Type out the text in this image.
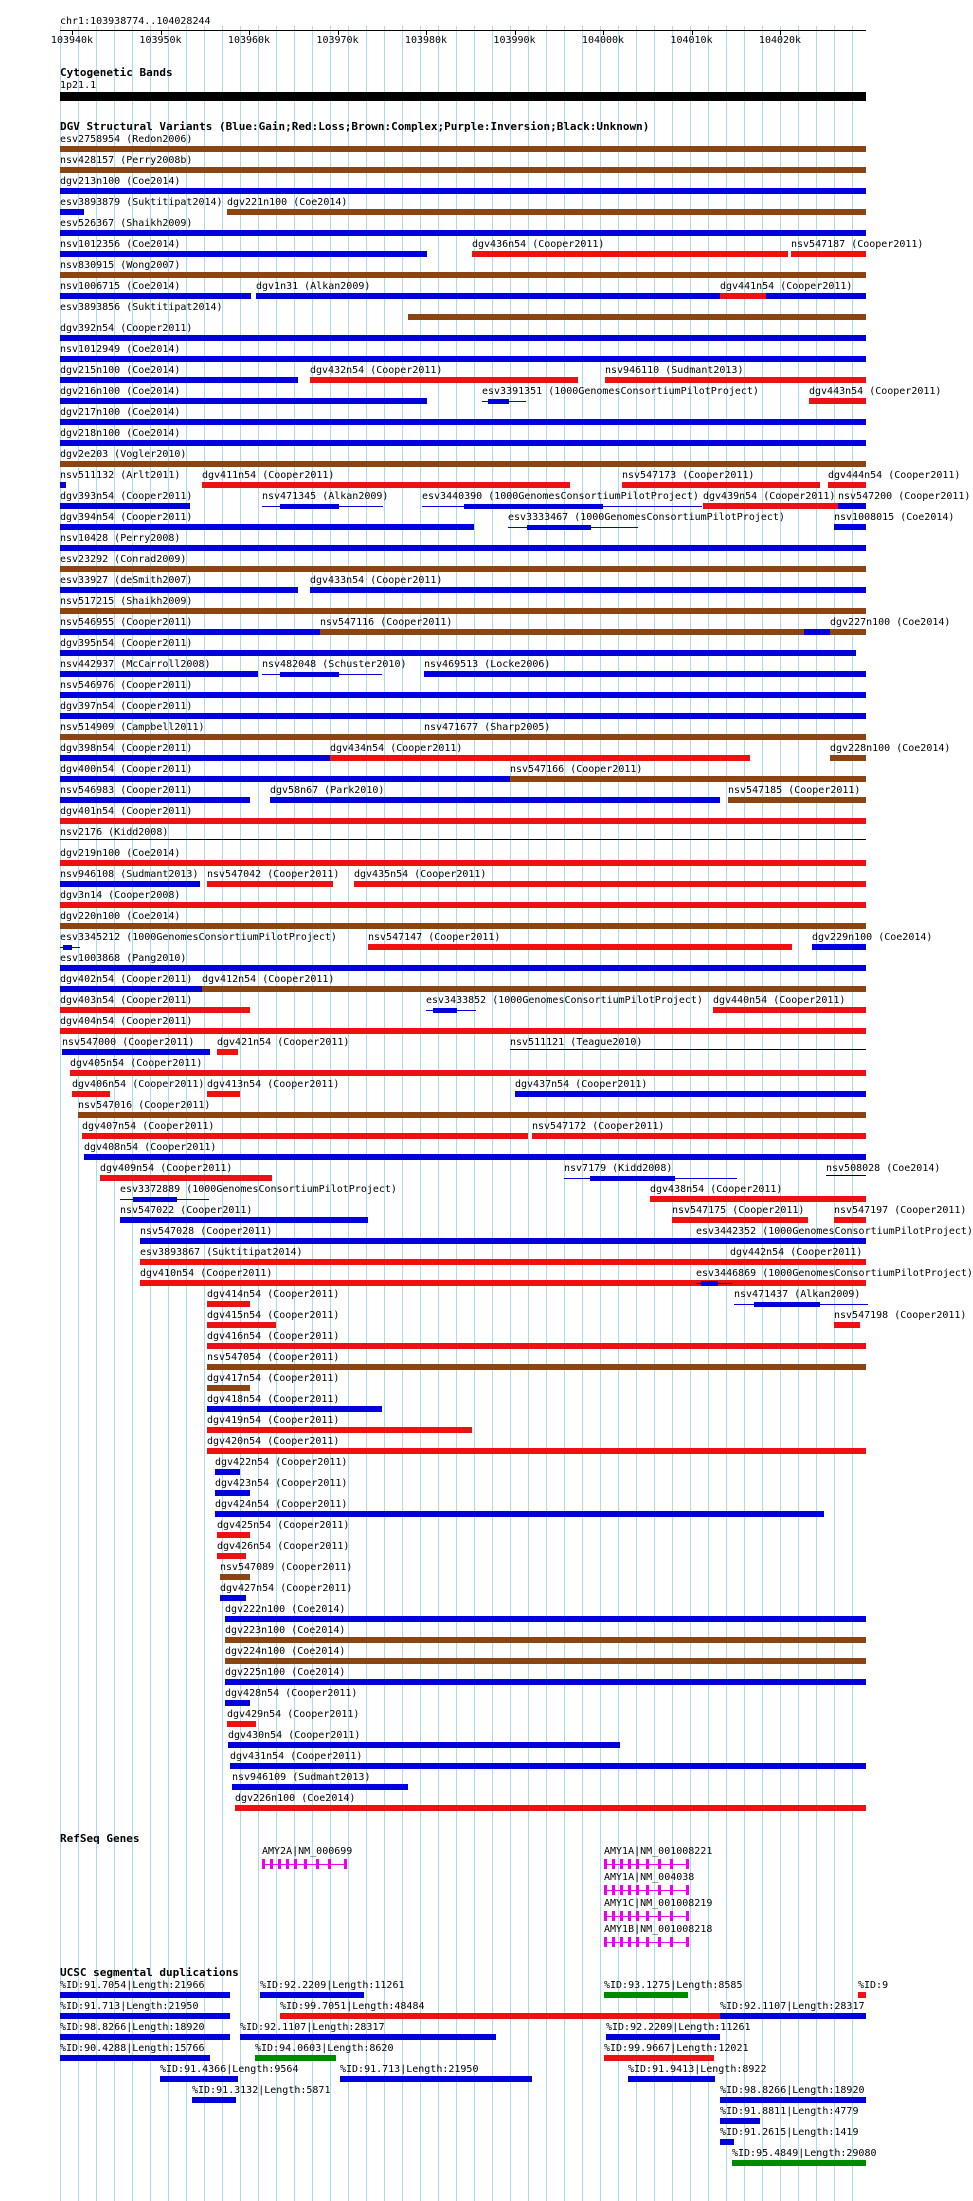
chr1:103938774..104028244
103940k	103950k	103960k	103970k	103980k	103990k	104000k	104010k	104020k
Cytogenetic Bands
1p21.1
DGV Structural Variants (Blue:Gain;Red:Loss;Brown:Complex;Purple:Inversion;Black:Unknown)
esv2758954 (Redon2006)
nsv428157 (Perry2008b)
dgv213n100 (Coe2014)
esv3893879 (Suktitipat2014) dgv221n100 (Coe2014)
esv526367 (Shaikh2009)
nsv1012356 (Coe2014)	dgv436n54 (Cooper2011)	nsv547187 (Cooper2011)
nsv830915 (Wong2007)
nsv1006715 (Coe2014)	dgv1n31 (Alkan2009)	dgv441n54 (Cooper2011)
esv3893856 (Suktitipat2014)
dgv392n54 (Cooper2011)
nsv1012949 (Coe2014)
dgv215n100 (Coe2014)	dgv432n54 (Cooper2011)	nsv946110 (Sudmant2013)
dgv216n100 (Coe2014)	esv3391351 (1000GenomesConsortiumPilotProject)	dgv443n54 (Cooper2011)
dgv217n100 (Coe2014)
dgv218n100 (Coe2014)
dgv2e203 (Vogler2010)
nsv511132 (Arlt2011) dgv411n54 (Cooper2011)	nsv547173 (Cooper2011)	dgv444n54 (Cooper2011)
dgv393n54 (Cooper2011)	nsv471345 (Alkan2009)	esv3440390 (1000GenomesConsortiumPilotProject) dgv439n54 (Cooper2011) nsv547200 (Cooper2011)
dgv394n54 (Cooper2011)	esv3333467 (1000GenomesConsortiumPilotProject)	nsv1008015 (Coe2014)
nsv10428 (Perry2008)
esv23292 (Conrad2009)
esv33927 (deSmith2007)	dgv433n54 (Cooper2011)
nsv517215 (Shaikh2009)
nsv546955 (Cooper2011)	nsv547116 (Cooper2011)	dgv227n100 (Coe2014)
dgv395n54 (Cooper2011)
nsv442937 (McCarroll2008)	nsv482048 (Schuster2010) nsv469513 (Locke2006)
nsv546976 (Cooper2011)
dgv397n54 (Cooper2011)
nsv514909 (Campbell2011)	nsv471677 (Sharp2005)
dgv398n54 (Cooper2011)	dgv434n54 (Cooper2011)	dgv228n100 (Coe2014)
dgv400n54 (Cooper2011)	nsv547166 (Cooper2011)
nsv546983 (Cooper2011)	dgv58n67 (Park2010)	nsv547185 (Cooper2011)
dgv401n54 (Cooper2011)
nsv2176 (Kidd2008)
dgv219n100 (Coe2014)
nsv946108 (Sudmant2013) nsv547042 (Cooper2011) dgv435n54 (Cooper2011)
dgv3n14 (Cooper2008)
dgv220n100 (Coe2014)
esv3345212 (1000GenomesConsortiumPilotProject)	nsv547147 (Cooper2011)	dgv229n100 (Coe2014)
esv1003868 (Pang2010)
dgv402n54 (Cooper2011) dgv412n54 (Cooper2011)
dgv403n54 (Cooper2011)	esv3433852 (1000GenomesConsortiumPilotProject) dgv440n54 (Cooper2011)
dgv404n54 (Cooper2011)
nsv547000 (Cooper2011) dgv421n54 (Cooper2011)	nsv511121 (Teague2010)
dgv405n54 (Cooper2011)
dgv406n54 (Cooper2011) dgv413n54 (Cooper2011)	dgv437n54 (Cooper2011)
nsv547016 (Cooper2011)
dgv407n54 (Cooper2011)	nsv547172 (Cooper2011)
dgv408n54 (Cooper2011)
dgv409n54 (Cooper2011)	nsv7179 (Kidd2008)	nsv508028 (Coe2014)
esv3372889 (1000GenomesConsortiumPilotProject)	dgv438n54 (Cooper2011)
nsv547022 (Cooper2011)	nsv547175 (Cooper2011)	nsv547197 (Cooper2011)
nsv547028 (Cooper2011)	esv3442352 (1000GenomesConsortiumPilotProject)
esv3893867 (Suktitipat2014)	dgv442n54 (Cooper2011)
dgv410n54 (Cooper2011)	esv3446869 (1000GenomesConsortiumPilotProject)
dgv414n54 (Cooper2011)	nsv471437 (Alkan2009)
dgv415n54 (Cooper2011)	nsv547198 (Cooper2011)
dgv416n54 (Cooper2011)
nsv547054 (Cooper2011)
dgv417n54 (Cooper2011)
dgv418n54 (Cooper2011)
dgv419n54 (Cooper2011)
dgv420n54 (Cooper2011)
dgv422n54 (Cooper2011)
dgv423n54 (Cooper2011)
dgv424n54 (Cooper2011)
dgv425n54 (Cooper2011)
dgv426n54 (Cooper2011)
nsv547089 (Cooper2011)
dgv427n54 (Cooper2011)
dgv222n100 (Coe2014)
dgv223n100 (Coe2014)
dgv224n100 (Coe2014)
dgv225n100 (Coe2014)
dgv428n54 (Cooper2011)
dgv429n54 (Cooper2011)
dgv430n54 (Cooper2011)
dgv431n54 (Cooper2011)
nsv946109 (Sudmant2013)
dgv226n100 (Coe2014)
RefSeq Genes
AMY2A|NM_000699	AMY1A|NM_001008221
AMY1A|NM_004038
AMY1C|NM_001008219
AMY1B|NM_001008218
UCSC segmental duplications
%ID:91.7054|Length:21966	%ID:92.2209|Length:11261	%ID:93.1275|Length:8585	%ID:9
%ID:91.713|Length:21950	%ID:99.7051|Length:48484	%ID:92.1107|Length:28317
%ID:98.8266|Length:18920	%ID:92.1107|Length:28317	%ID:92.2209|Length:11261
%ID:90.4288|Length:15766	%ID:94.0603|Length:8620	%ID:99.9667|Length:12021
%ID:91.4366|Length:9564	%ID:91.713|Length:21950	%ID:91.9413|Length:8922
%ID:91.3132|Length:5871	%ID:98.8266|Length:18920
%ID:91.8811|Length:4779
%ID:91.2615|Length:1419
%ID:95.4849|Length:29080
